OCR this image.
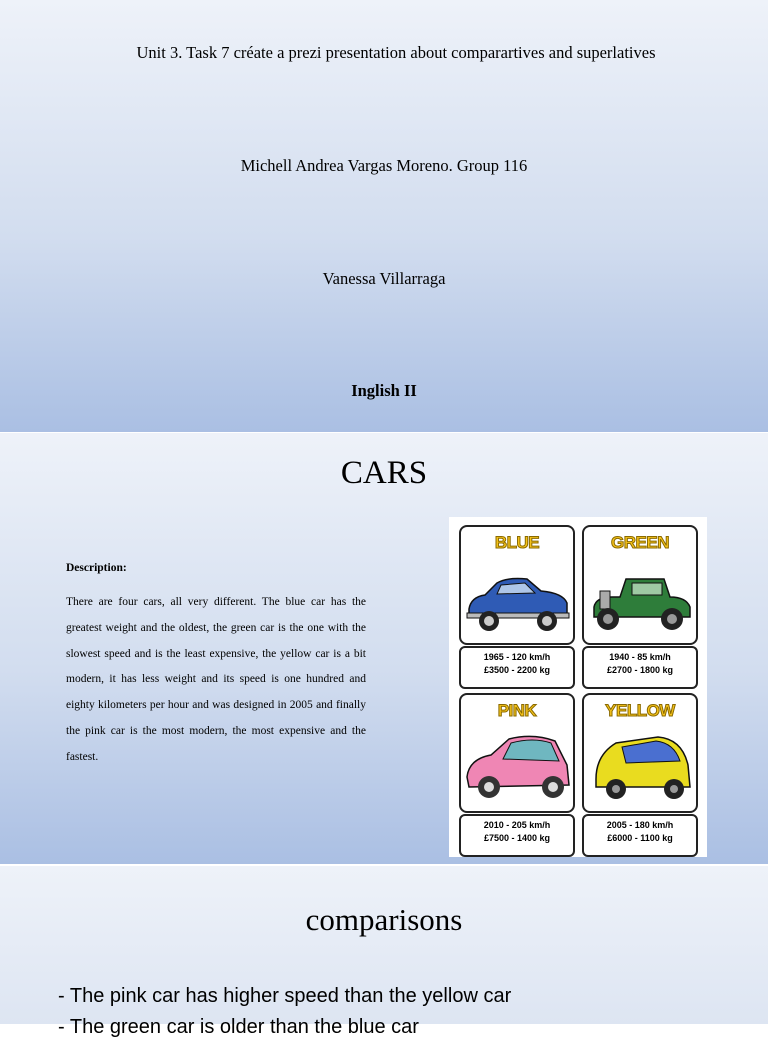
Unit 3. Task 7 créate a prezi presentation about comparartives and superlatives
Michell Andrea Vargas Moreno. Group 116
Vanessa Villarraga
Inglish II
CARS
Description:
There are four cars, all very different. The blue car has the greatest weight and the oldest, the green car is the one with the slowest speed and is the least expensive, the yellow car is a bit modern, it has less weight and its speed is one hundred and eighty kilometers per hour and was designed in 2005 and finally the pink car is the most modern, the most expensive and the fastest.
BLUE
1965 - 120 km/h
£3500 - 2200 kg
GREEN
1940 - 85 km/h
£2700 - 1800 kg
PINK
2010 - 205 km/h
£7500 - 1400 kg
YELLOW
2005 - 180 km/h
£6000 - 1100 kg
comparisons
- The pink car has higher speed than the yellow car
- The green car is older than the blue car
